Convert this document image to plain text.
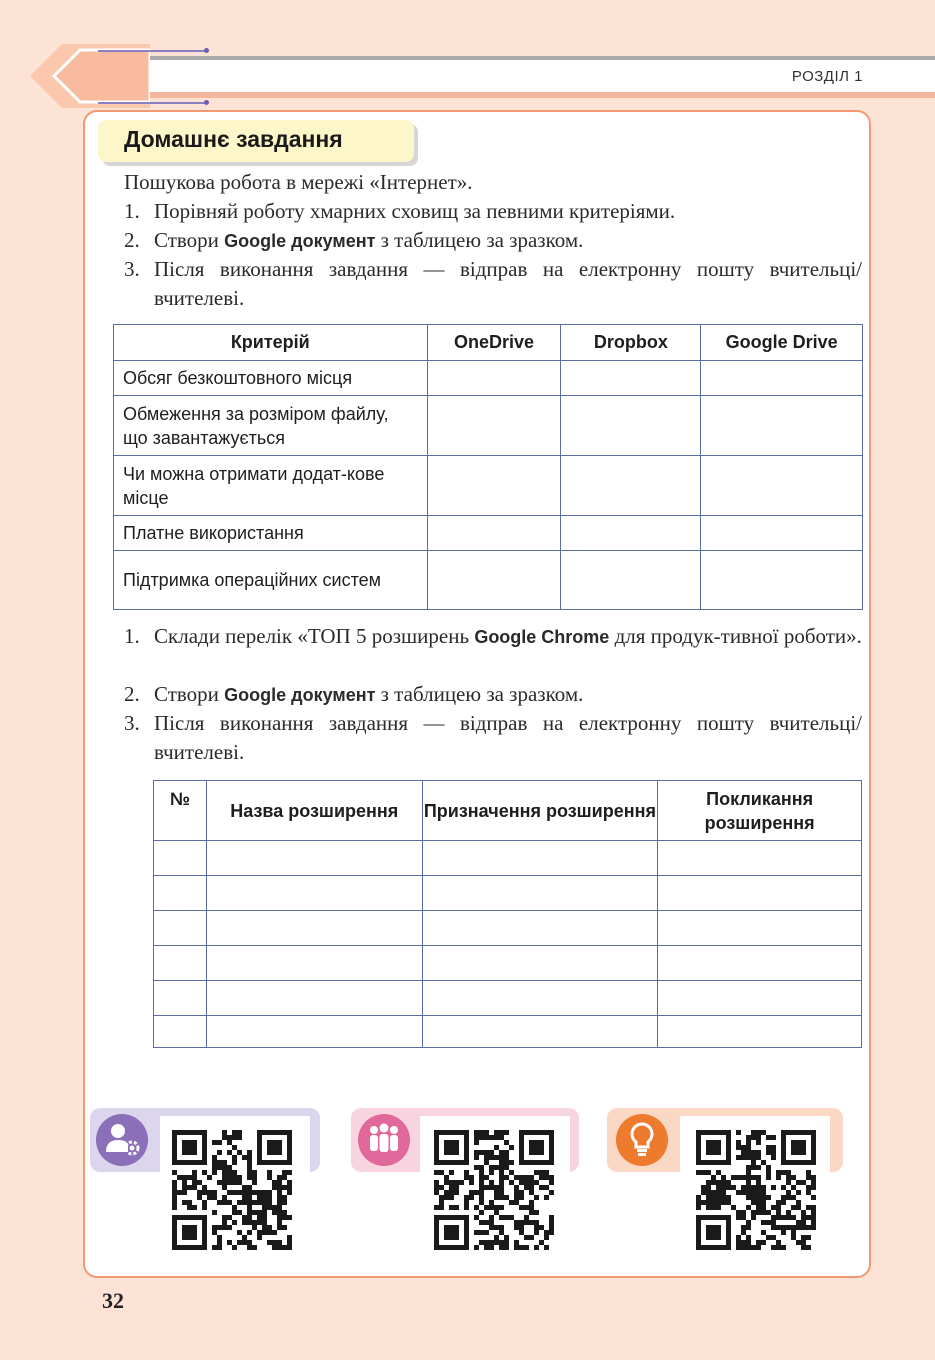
РОЗДІЛ 1
Домашнє завдання
Пошукова робота в мережі «Інтернет».
1. Порівняй роботу хмарних сховищ за певними критеріями.
2. Створи Google документ з таблицею за зразком.
3. Після виконання завдання — відправ на електронну пошту вчительці/вчителеві.
Критерій	OneDrive	Dropbox	Google Drive
Обсяг безкоштовного місця			
Обмеження за розміром файлу, що завантажується			
Чи можна отримати додат-кове місце			
Платне використання			
Підтримка операційних систем			
1. Склади перелік «ТОП 5 розширень Google Chrome для продук-тивної роботи».
2. Створи Google документ з таблицею за зразком.
3. Після виконання завдання — відправ на електронну пошту вчительці/вчителеві.
№	Назва розширення	Призначення розширення	Покликання розширення

32
